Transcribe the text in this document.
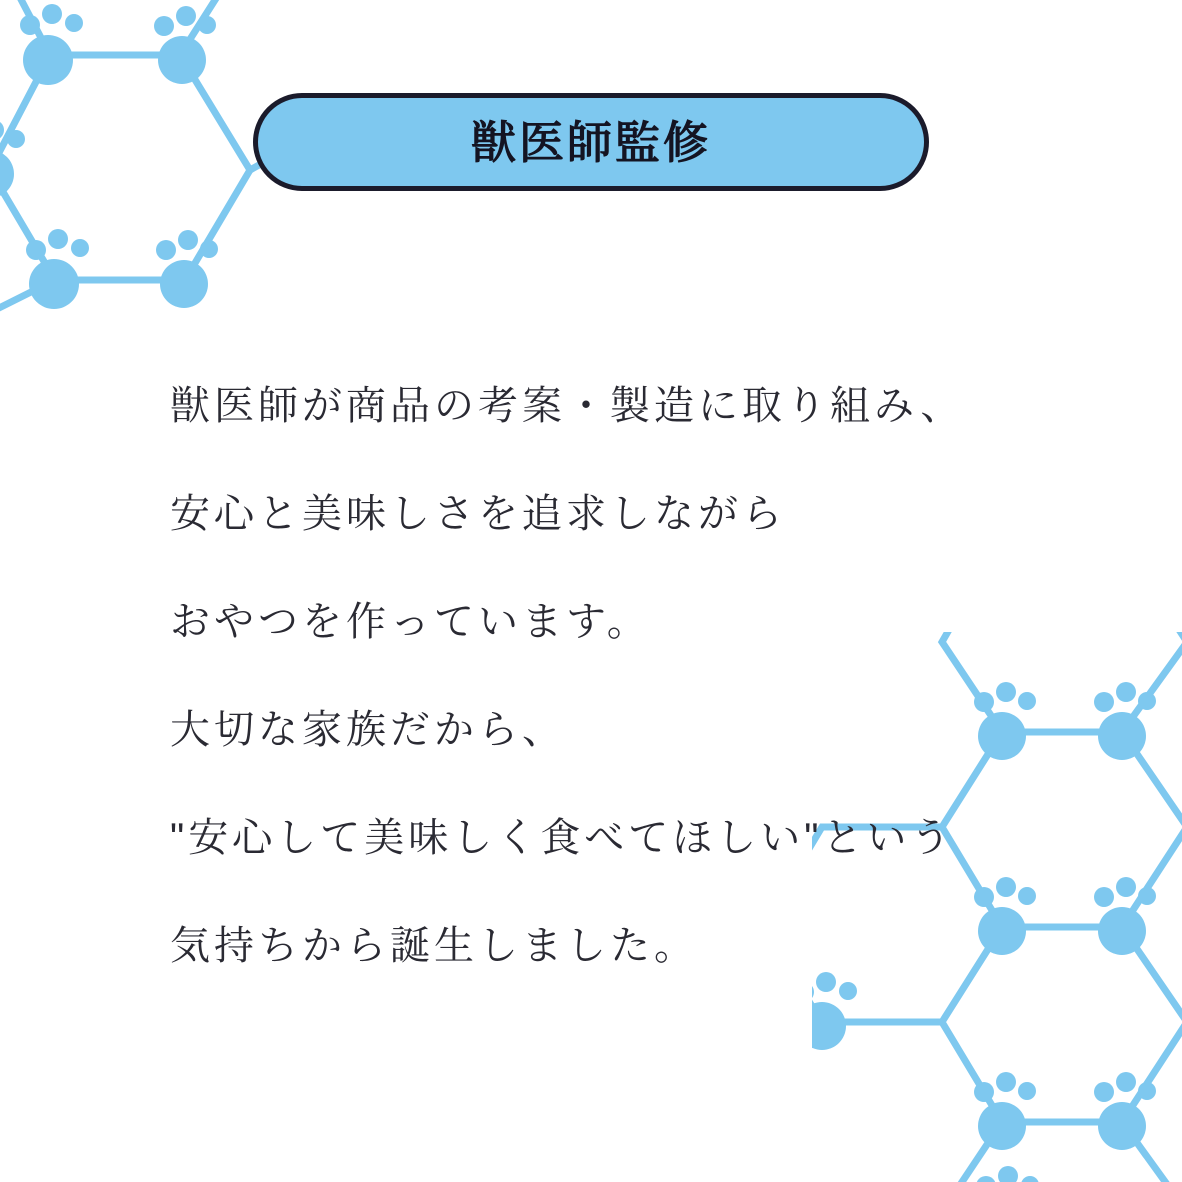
獣医師監修
獣医師が商品の考案・製造に取り組み、
安心と美味しさを追求しながら
おやつを作っています。
大切な家族だから、
"安心して美味しく食べてほしい"という
気持ちから誕生しました。
